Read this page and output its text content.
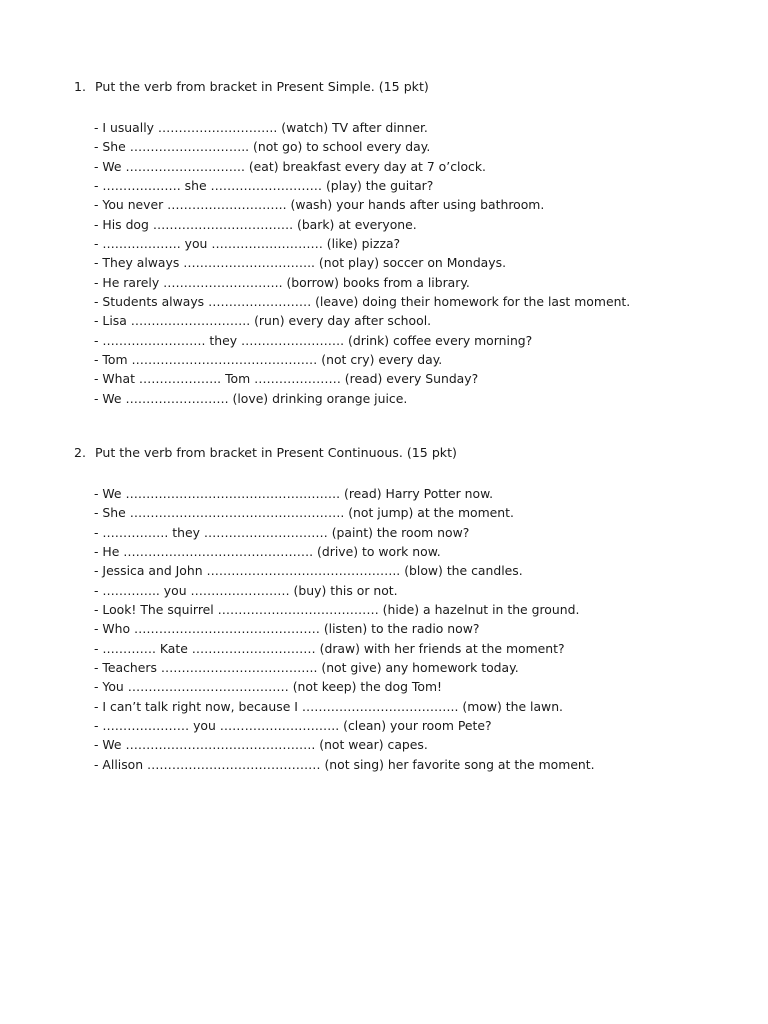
1. Put the verb from bracket in Present Simple. (15 pkt)
- I usually ……………………….. (watch) TV after dinner.
- She ……………………….. (not go) to school every day.
- We ……………………….. (eat) breakfast every day at 7 o’clock.
- ………………. she ……………………… (play) the guitar?
- You never ……………………….. (wash) your hands after using bathroom.
- His dog ……………………………. (bark) at everyone.
- ………………. you ……………………… (like) pizza?
- They always ………………………….. (not play) soccer on Mondays.
- He rarely ……………………….. (borrow) books from a library.
- Students always ……………………. (leave) doing their homework for the last moment.
- Lisa ……………………….. (run) every day after school.
- ……………………. they ……………………. (drink) coffee every morning?
- Tom ……………………………………… (not cry) every day.
- What ……………….. Tom ………………… (read) every Sunday?
- We ……………………. (love) drinking orange juice.
2. Put the verb from bracket in Present Continuous. (15 pkt)
- We ……………………………………………. (read) Harry Potter now.
- She ……………………………………………. (not jump) at the moment.
- ……………. they ………………………… (paint) the room now?
- He ………………………………………. (drive) to work now.
- Jessica and John ……………………………………….. (blow) the candles.
- ………….. you …………………… (buy) this or not.
- Look! The squirrel ………………………………… (hide) a hazelnut in the ground.
- Who ……………………………………… (listen) to the radio now?
- …………. Kate ………………………… (draw) with her friends at the moment?
- Teachers ……………………………….. (not give) any homework today.
- You ………………………………… (not keep) the dog Tom!
- I can’t talk right now, because I ……………………………….. (mow) the lawn.
- ………………… you ……………………….. (clean) your room Pete?
- We ………………………………………. (not wear) capes.
- Allison …………………………………… (not sing) her favorite song at the moment.
